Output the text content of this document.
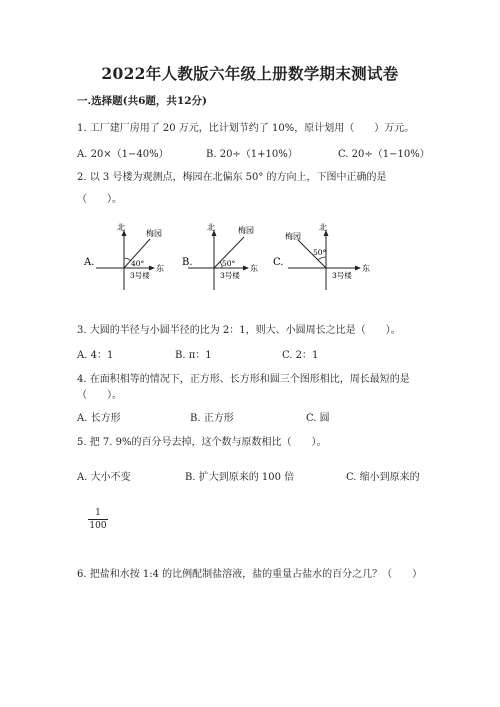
2022年人教版六年级上册数学期末测试卷
一.选择题(共6题，共12分)
1. 工厂建厂房用了 20 万元，比计划节约了 10%，原计划用（　　）万元。
A. 20×（1−40%）	B. 20÷（1+10%）	C. 20÷（1−10%）
2. 以 3 号楼为观测点，梅园在北偏东 50° 的方向上，下图中正确的是
（　　）。
A.
北
梅园
40°
东
3号楼
B.
北	梅园
50°
东
3号楼
C.
北
梅园
50°
东
3号楼
3. 大圆的半径与小圆半径的比为 2：1，则大、小圆周长之比是（　　）。
A. 4：1	B. π：1	C. 2：1
4. 在面积相等的情况下，正方形、长方形和圆三个图形相比，周长最短的是
（　　）。
A. 长方形	B. 正方形	C. 圆
5. 把 7. 9%的百分号去掉，这个数与原数相比（　　）。
A. 大小不变	B. 扩大到原来的 100 倍	C. 缩小到原来的
1
100
6. 把盐和水按 1:4 的比例配制盐溶液，盐的重量占盐水的百分之几？（　　）
